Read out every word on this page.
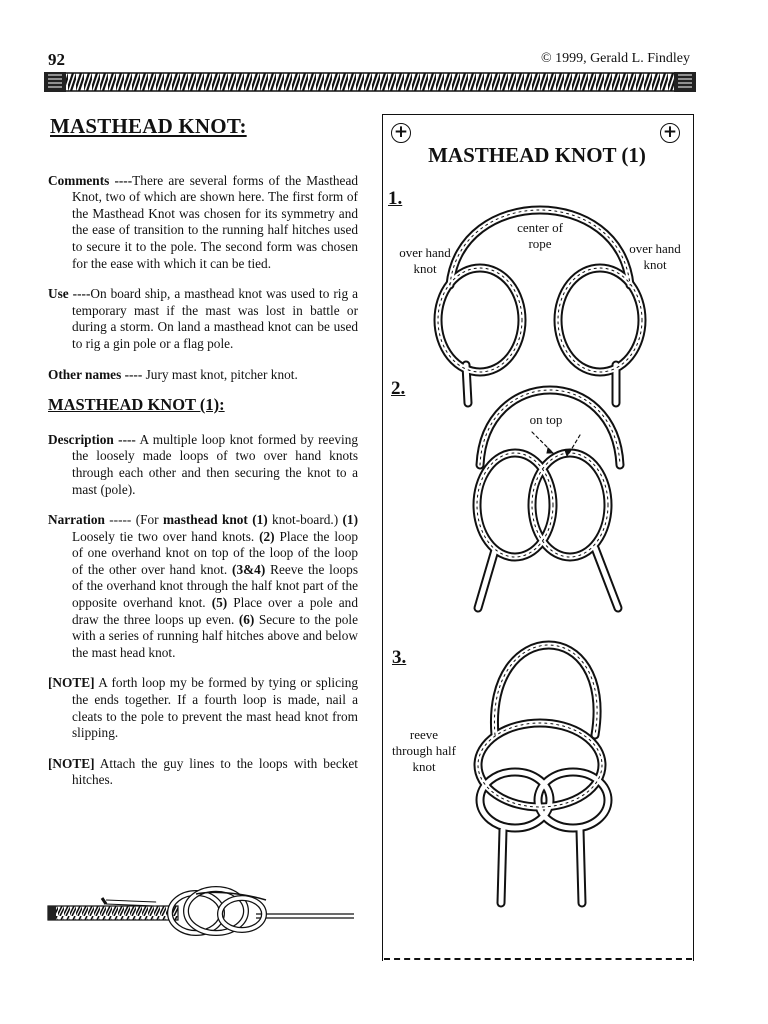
92	© 1999, Gerald L. Findley
MASTHEAD KNOT:

Comments ----There are several forms of the Masthead Knot, two of which are shown here. The first form of the Masthead Knot was chosen for its symmetry and the ease of transition to the running half hitches used to secure it to the pole. The second form was chosen for the ease with which it can be tied.

Use ----On board ship, a masthead knot was used to rig a temporary mast if the mast was lost in battle or during a storm. On land a masthead knot can be used to rig a gin pole or a flag pole.

Other names ---- Jury mast knot, pitcher knot.

MASTHEAD KNOT (1):

Description ---- A multiple loop knot formed by reeving the loosely made loops of two over hand knots through each other and then securing the knot to a mast (pole).

Narration ----- (For masthead knot (1) knot-board.) (1) Loosely tie two over hand knots. (2) Place the loop of one overhand knot on top of the loop of the loop of the other over hand knot. (3&4) Reeve the loops of the overhand knot through the half knot part of the opposite overhand knot. (5) Place over a pole and draw the three loops up even. (6) Secure to the pole with a series of running half hitches above and below the mast head knot.

[NOTE] A forth loop my be formed by tying or splicing the ends together. If a fourth loop is made, nail a cleats to the pole to prevent the mast head knot from slipping.

[NOTE] Attach the guy lines to the loops with becket hitches.

+	+
MASTHEAD KNOT (1)
1.
2.
3.
center of rope
over hand knot
over hand knot
on top
reeve through half knot
